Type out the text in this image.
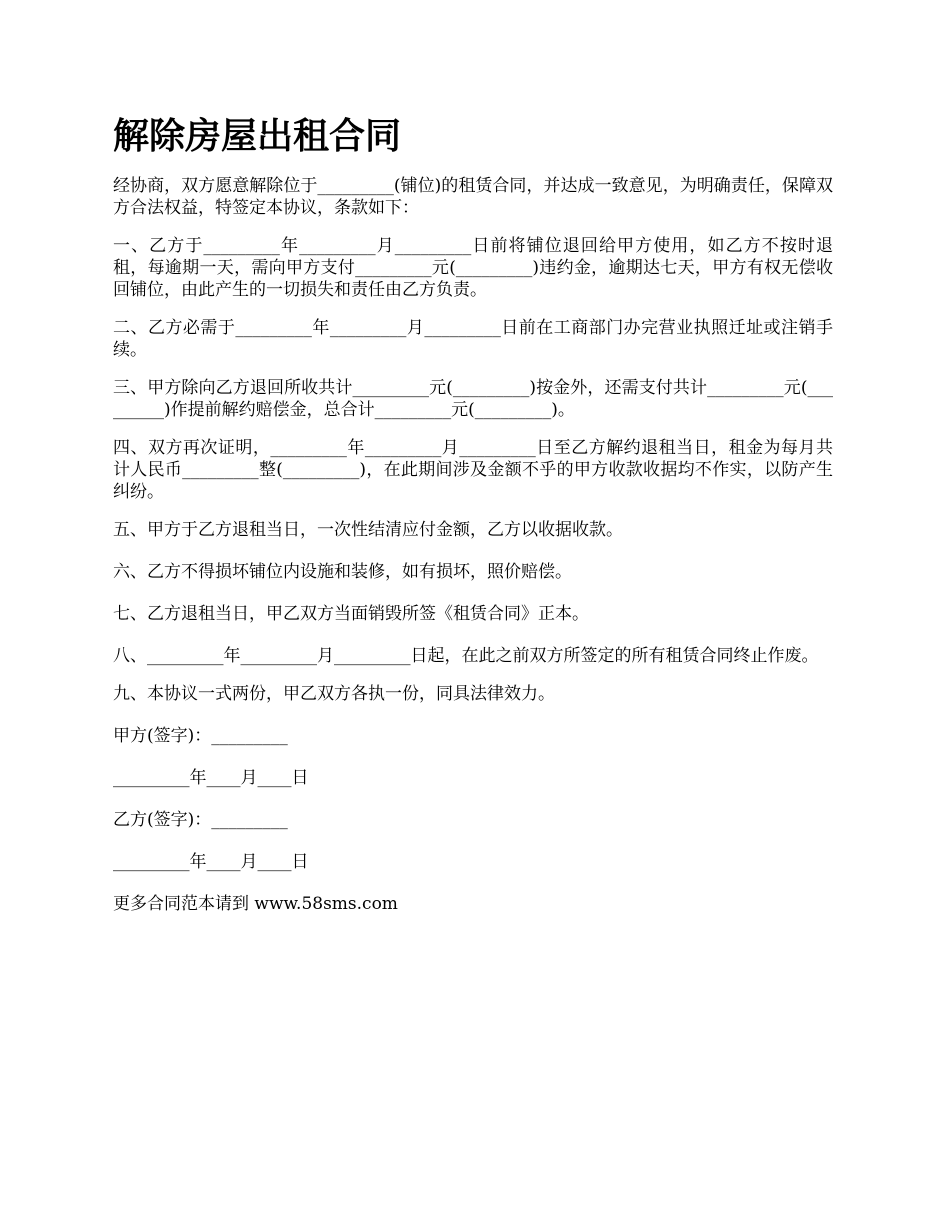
解除房屋出租合同

经协商，双方愿意解除位于_________(铺位)的租赁合同，并达成一致意见，为明确责任，保障双方合法权益，特签定本协议，条款如下：

一、乙方于_________年_________月_________日前将铺位退回给甲方使用，如乙方不按时退租，每逾期一天，需向甲方支付_________元(_________)违约金，逾期达七天，甲方有权无偿收回铺位，由此产生的一切损失和责任由乙方负责。

二、乙方必需于_________年_________月_________日前在工商部门办完营业执照迁址或注销手续。

三、甲方除向乙方退回所收共计_________元(_________)按金外，还需支付共计_________元(_________)作提前解约赔偿金，总合计_________元(_________)。

四、双方再次证明，_________年_________月_________日至乙方解约退租当日，租金为每月共计人民币_________整(_________)，在此期间涉及金额不乎的甲方收款收据均不作实，以防产生纠纷。

五、甲方于乙方退租当日，一次性结清应付金额，乙方以收据收款。

六、乙方不得损坏铺位内设施和装修，如有损坏，照价赔偿。

七、乙方退租当日，甲乙双方当面销毁所签《租赁合同》正本。

八、_________年_________月_________日起，在此之前双方所签定的所有租赁合同终止作废。

九、本协议一式两份，甲乙双方各执一份，同具法律效力。

甲方(签字)：_________

_________年____月____日

乙方(签字)：_________

_________年____月____日

更多合同范本请到 www.58sms.com
